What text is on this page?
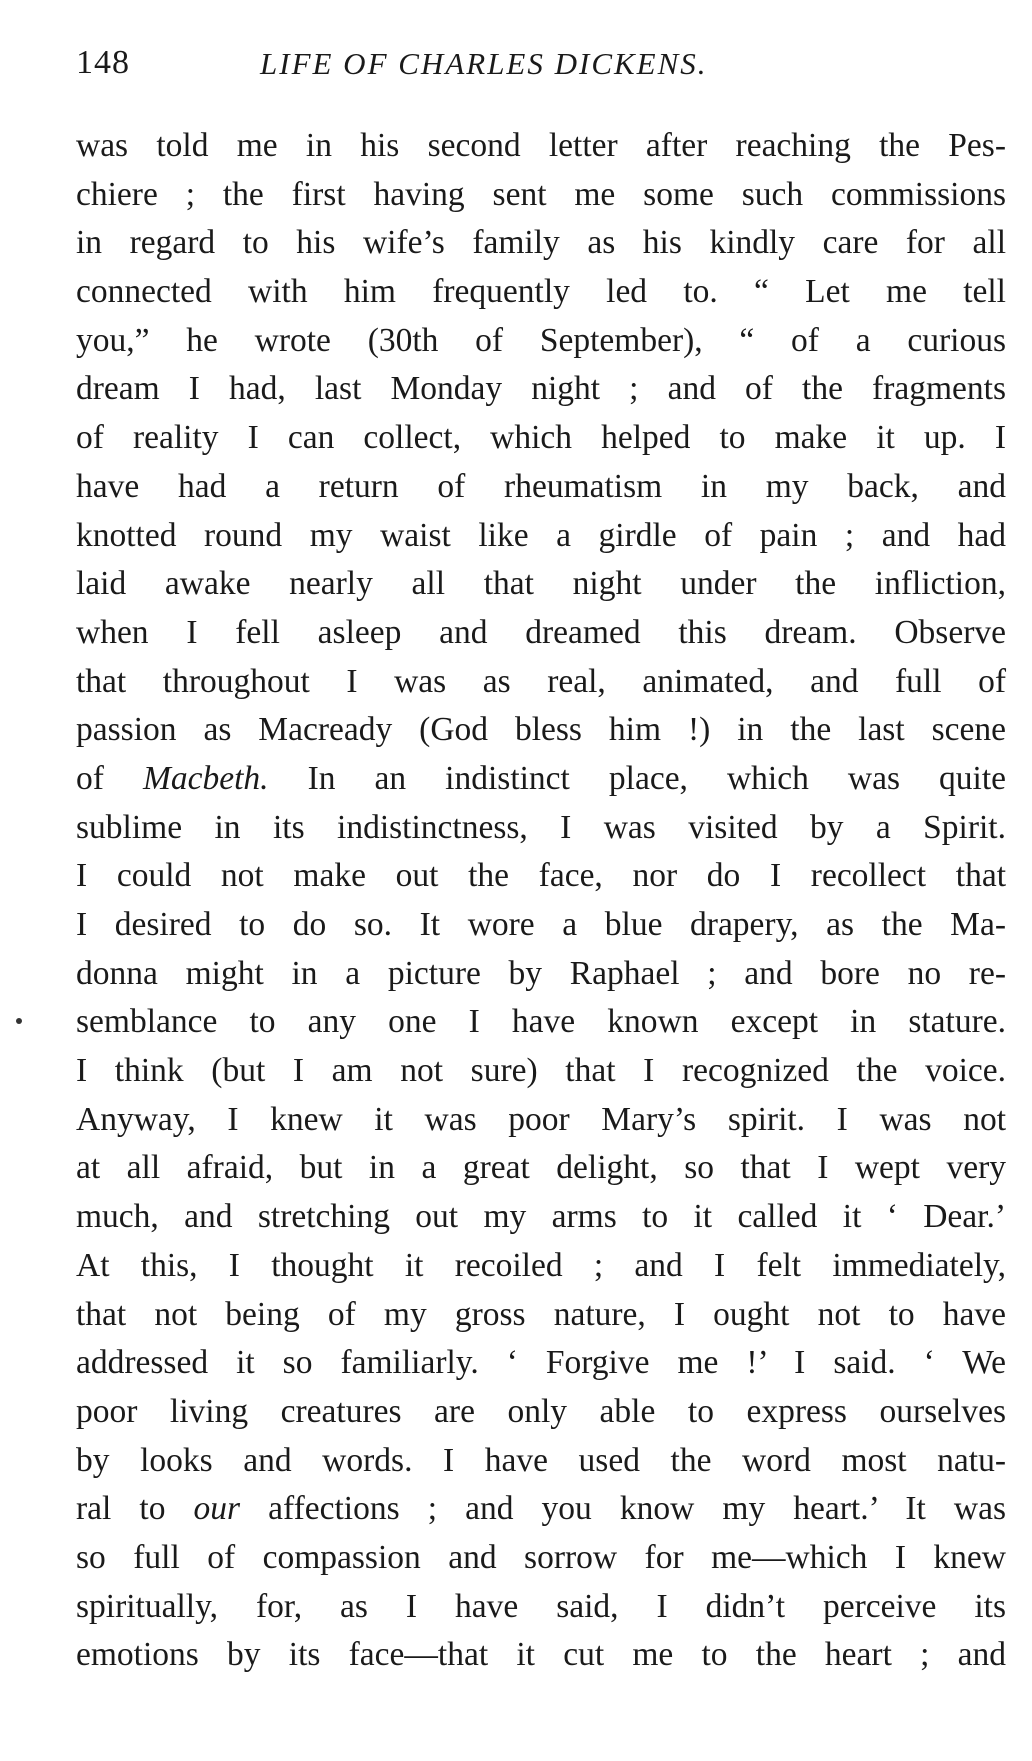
148	LIFE OF CHARLES DICKENS.
was told me in his second letter after reaching the Pes-
chiere ; the first having sent me some such commissions
in regard to his wife’s family as his kindly care for all
connected with him frequently led to. “ Let me tell
you,” he wrote (30th of September), “ of a curious
dream I had, last Monday night ; and of the fragments
of reality I can collect, which helped to make it up. I
have had a return of rheumatism in my back, and
knotted round my waist like a girdle of pain ; and had
laid awake nearly all that night under the infliction,
when I fell asleep and dreamed this dream. Observe
that throughout I was as real, animated, and full of
passion as Macready (God bless him !) in the last scene
of Macbeth. In an indistinct place, which was quite
sublime in its indistinctness, I was visited by a Spirit.
I could not make out the face, nor do I recollect that
I desired to do so. It wore a blue drapery, as the Ma-
donna might in a picture by Raphael ; and bore no re-
semblance to any one I have known except in stature.
I think (but I am not sure) that I recognized the voice.
Anyway, I knew it was poor Mary’s spirit. I was not
at all afraid, but in a great delight, so that I wept very
much, and stretching out my arms to it called it ‘ Dear.’
At this, I thought it recoiled ; and I felt immediately,
that not being of my gross nature, I ought not to have
addressed it so familiarly. ‘ Forgive me !’ I said. ‘ We
poor living creatures are only able to express ourselves
by looks and words. I have used the word most natu-
ral to our affections ; and you know my heart.’ It was
so full of compassion and sorrow for me—which I knew
spiritually, for, as I have said, I didn’t perceive its
emotions by its face—that it cut me to the heart ; and
